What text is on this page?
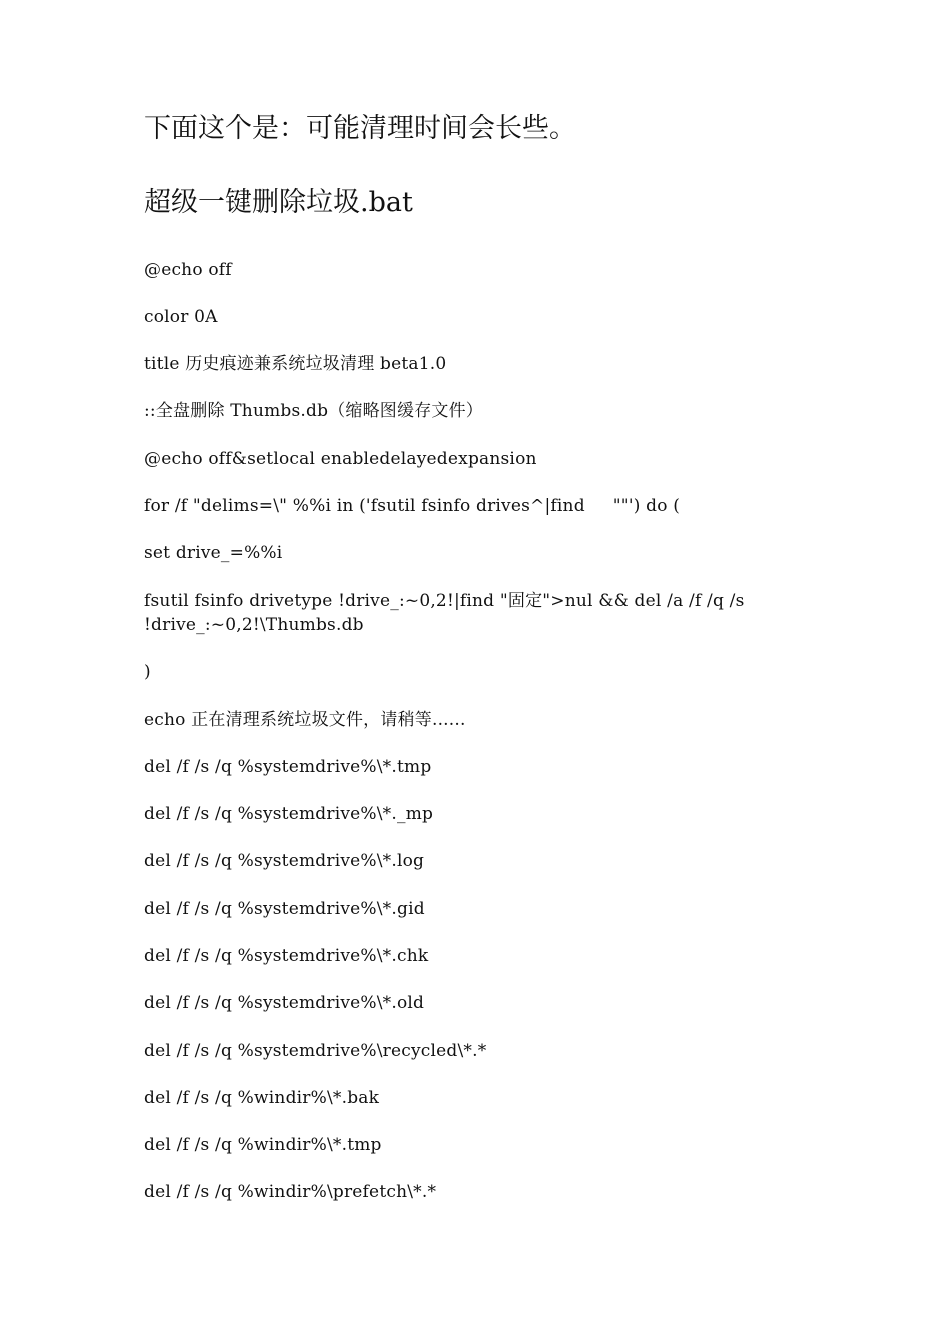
下面这个是：可能清理时间会长些。
超级一键删除垃圾.bat
@echo off
color 0A
title 历史痕迹兼系统垃圾清理 beta1.0
::全盘删除 Thumbs.db（缩略图缓存文件）
@echo off&setlocal enabledelayedexpansion
for /f "delims=\" %%i in ('fsutil fsinfo drives^|find     ""') do (
set drive_=%%i
fsutil fsinfo drivetype !drive_:~0,2!|find "固定">nul && del /a /f /q /s !drive_:~0,2!\Thumbs.db
)
echo 正在清理系统垃圾文件，请稍等......
del /f /s /q %systemdrive%\*.tmp
del /f /s /q %systemdrive%\*._mp
del /f /s /q %systemdrive%\*.log
del /f /s /q %systemdrive%\*.gid
del /f /s /q %systemdrive%\*.chk
del /f /s /q %systemdrive%\*.old
del /f /s /q %systemdrive%\recycled\*.*
del /f /s /q %windir%\*.bak
del /f /s /q %windir%\*.tmp
del /f /s /q %windir%\prefetch\*.*
